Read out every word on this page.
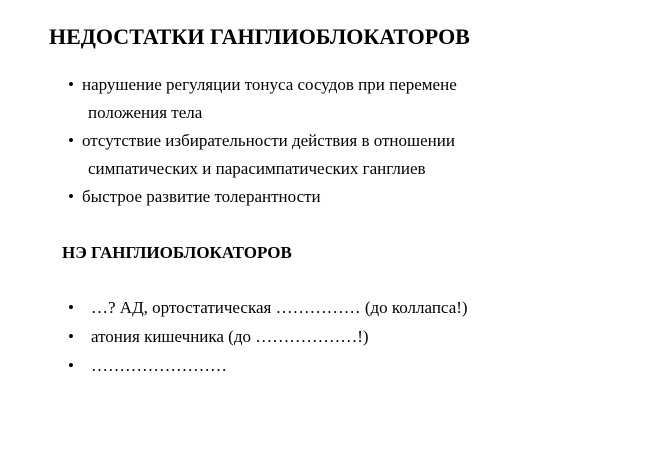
НЕДОСТАТКИ ГАНГЛИОБЛОКАТОРОВ
• нарушение регуляции тонуса сосудов при перемене
положения тела
• отсутствие избирательности действия в отношении
симпатических и парасимпатических ганглиев
• быстрое развитие толерантности
НЭ ГАНГЛИОБЛОКАТОРОВ
• …? АД, ортостатическая …………… (до коллапса!)
• атония кишечника (до ………………!)
• ……………………
